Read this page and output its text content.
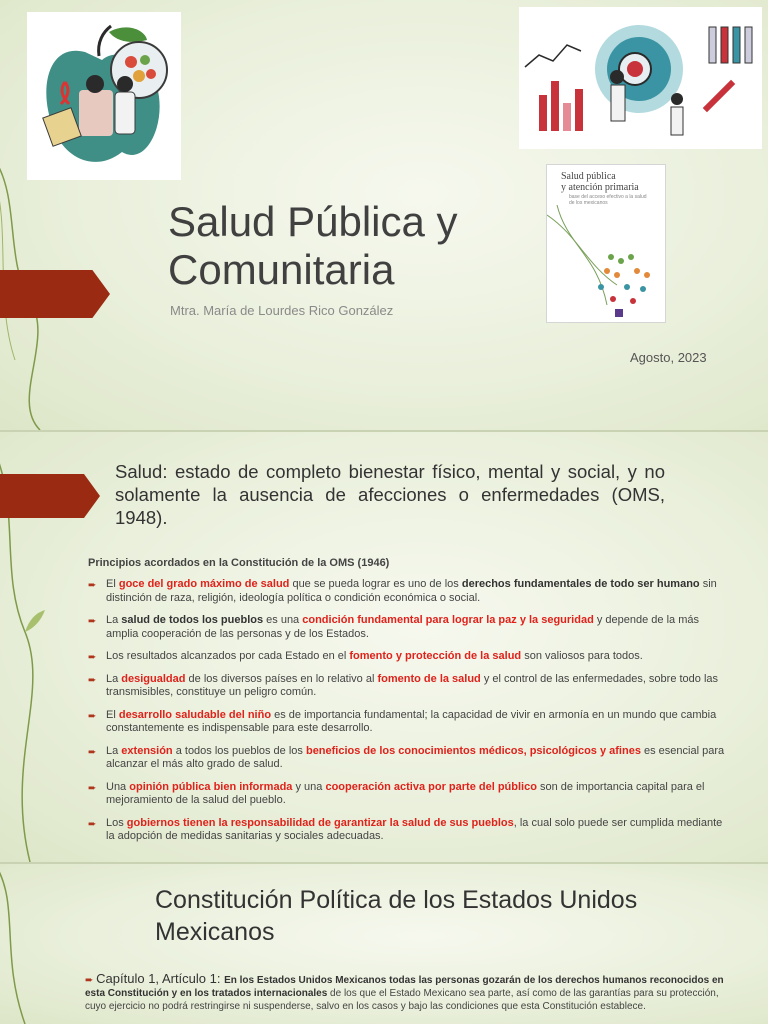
Salud pública
y atención primaria
base del acceso efectivo a la salud de los mexicanos
Salud Pública y
Comunitaria
Mtra. María de Lourdes Rico González
Agosto, 2023
Salud: estado de completo bienestar físico, mental y social, y no solamente la ausencia de afecciones o enfermedades (OMS, 1948).
Principios acordados en la Constitución de la OMS (1946)
➨ El goce del grado máximo de salud que se pueda lograr es uno de los derechos fundamentales de todo ser humano sin distinción de raza, religión, ideología política o condición económica o social.
➨ La salud de todos los pueblos es una condición fundamental para lograr la paz y la seguridad y depende de la más amplia cooperación de las personas y de los Estados.
➨ Los resultados alcanzados por cada Estado en el fomento y protección de la salud son valiosos para todos.
➨ La desigualdad de los diversos países en lo relativo al fomento de la salud y el control de las enfermedades, sobre todo las transmisibles, constituye un peligro común.
➨ El desarrollo saludable del niño es de importancia fundamental; la capacidad de vivir en armonía en un mundo que cambia constantemente es indispensable para este desarrollo.
➨ La extensión a todos los pueblos de los beneficios de los conocimientos médicos, psicológicos y afines es esencial para alcanzar el más alto grado de salud.
➨ Una opinión pública bien informada y una cooperación activa por parte del público son de importancia capital para el mejoramiento de la salud del pueblo.
➨ Los gobiernos tienen la responsabilidad de garantizar la salud de sus pueblos, la cual solo puede ser cumplida mediante la adopción de medidas sanitarias y sociales adecuadas.
Constitución Política de los Estados Unidos Mexicanos
➨ Capítulo 1, Artículo 1: En los Estados Unidos Mexicanos todas las personas gozarán de los derechos humanos reconocidos en esta Constitución y en los tratados internacionales de los que el Estado Mexicano sea parte, así como de las garantías para su protección, cuyo ejercicio no podrá restringirse ni suspenderse, salvo en los casos y bajo las condiciones que esta Constitución establece.
